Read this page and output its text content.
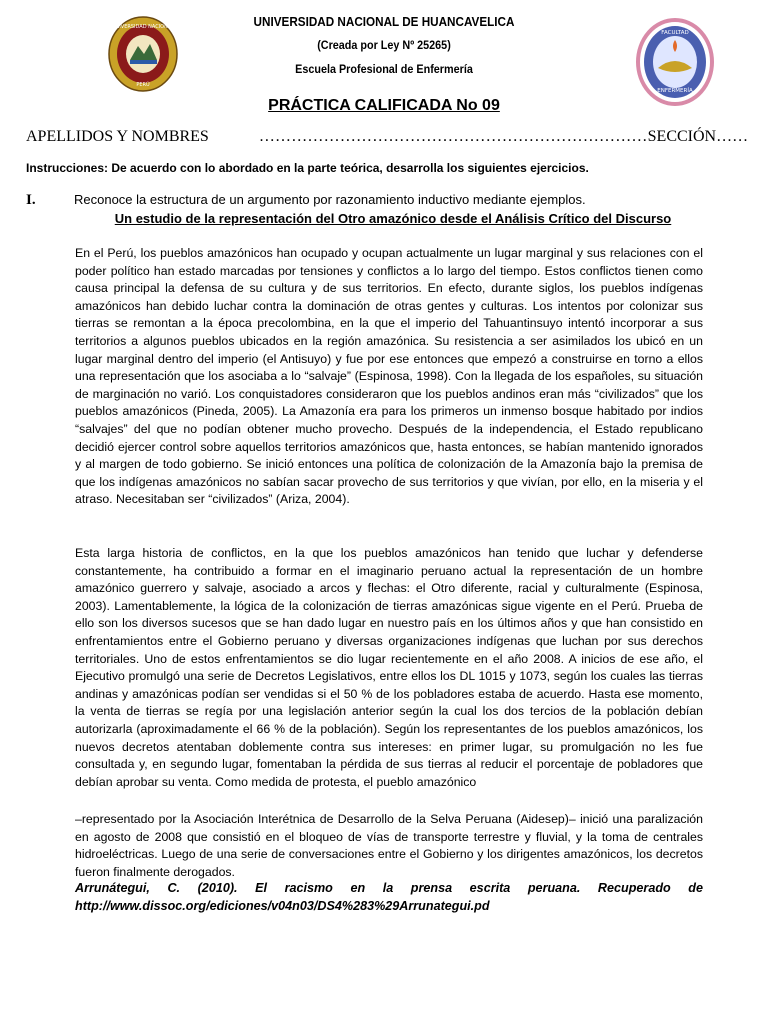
UNIVERSIDAD NACIONAL
PERÚ
FACULTAD
ENFERMERÍA
UNIVERSIDAD NACIONAL DE HUANCAVELICA
(Creada por Ley Nº 25265)
Escuela Profesional de Enfermería
PRÁCTICA CALIFICADA No 09
APELLIDOS Y NOMBRES	………………………………………………………………SECCIÓN……
Instrucciones: De acuerdo con lo abordado en la parte teórica, desarrolla los siguientes ejercicios.
I.	Reconoce la estructura de un argumento por razonamiento inductivo mediante ejemplos.
Un estudio de la representación del Otro amazónico desde el Análisis Crítico del Discurso
En el Perú, los pueblos amazónicos han ocupado y ocupan actualmente un lugar marginal y sus relaciones con el poder político han estado marcadas por tensiones y conflictos a lo largo del tiempo. Estos conflictos tienen como causa principal la defensa de su cultura y de sus territorios. En efecto, durante siglos, los pueblos indígenas amazónicos han debido luchar contra la dominación de otras gentes y culturas. Los intentos por colonizar sus tierras se remontan a la época precolombina, en la que el imperio del Tahuantinsuyo intentó incorporar a sus territorios a algunos pueblos ubicados en la región amazónica. Su resistencia a ser asimilados los ubicó en un lugar marginal dentro del imperio (el Antisuyo) y fue por ese entonces que empezó a construirse en torno a ellos una representación que los asociaba a lo “salvaje” (Espinosa, 1998). Con la llegada de los españoles, su situación de marginación no varió. Los conquistadores consideraron que los pueblos andinos eran más “civilizados” que los pueblos amazónicos (Pineda, 2005). La Amazonía era para los primeros un inmenso bosque habitado por indios “salvajes” del que no podían obtener mucho provecho. Después de la independencia, el Estado republicano decidió ejercer control sobre aquellos territorios amazónicos que, hasta entonces, se habían mantenido ignorados y al margen de todo gobierno. Se inició entonces una política de colonización de la Amazonía bajo la premisa de que los indígenas amazónicos no sabían sacar provecho de sus territorios y que vivían, por ello, en la miseria y el atraso. Necesitaban ser “civilizados” (Ariza, 2004).
Esta larga historia de conflictos, en la que los pueblos amazónicos han tenido que luchar y defenderse constantemente, ha contribuido a formar en el imaginario peruano actual la representación de un hombre amazónico guerrero y salvaje, asociado a arcos y flechas: el Otro diferente, racial y culturalmente (Espinosa, 2003). Lamentablemente, la lógica de la colonización de tierras amazónicas sigue vigente en el Perú. Prueba de ello son los diversos sucesos que se han dado lugar en nuestro país en los últimos años y que han consistido en enfrentamientos entre el Gobierno peruano y diversas organizaciones indígenas que luchan por sus derechos territoriales. Uno de estos enfrentamientos se dio lugar recientemente en el año 2008. A inicios de ese año, el Ejecutivo promulgó una serie de Decretos Legislativos, entre ellos los DL 1015 y 1073, según los cuales las tierras andinas y amazónicas podían ser vendidas si el 50 % de los pobladores estaba de acuerdo. Hasta ese momento, la venta de tierras se regía por una legislación anterior según la cual los dos tercios de la población debían autorizarla (aproximadamente el 66 % de la población). Según los representantes de los pueblos amazónicos, los nuevos decretos atentaban doblemente contra sus intereses: en primer lugar, su promulgación no les fue consultada y, en segundo lugar, fomentaban la pérdida de sus tierras al reducir el porcentaje de pobladores que debían aprobar su venta. Como medida de protesta, el pueblo amazónico
–representado por la Asociación Interétnica de Desarrollo de la Selva Peruana (Aidesep)– inició una paralización en agosto de 2008 que consistió en el bloqueo de vías de transporte terrestre y fluvial, y la toma de centrales hidroeléctricas. Luego de una serie de conversaciones entre el Gobierno y los dirigentes amazónicos, los decretos fueron finalmente derogados.
Arrunátegui, C. (2010). El racismo en la prensa escrita peruana. Recuperado de http://www.dissoc.org/ediciones/v04n03/DS4%283%29Arrunategui.pd
